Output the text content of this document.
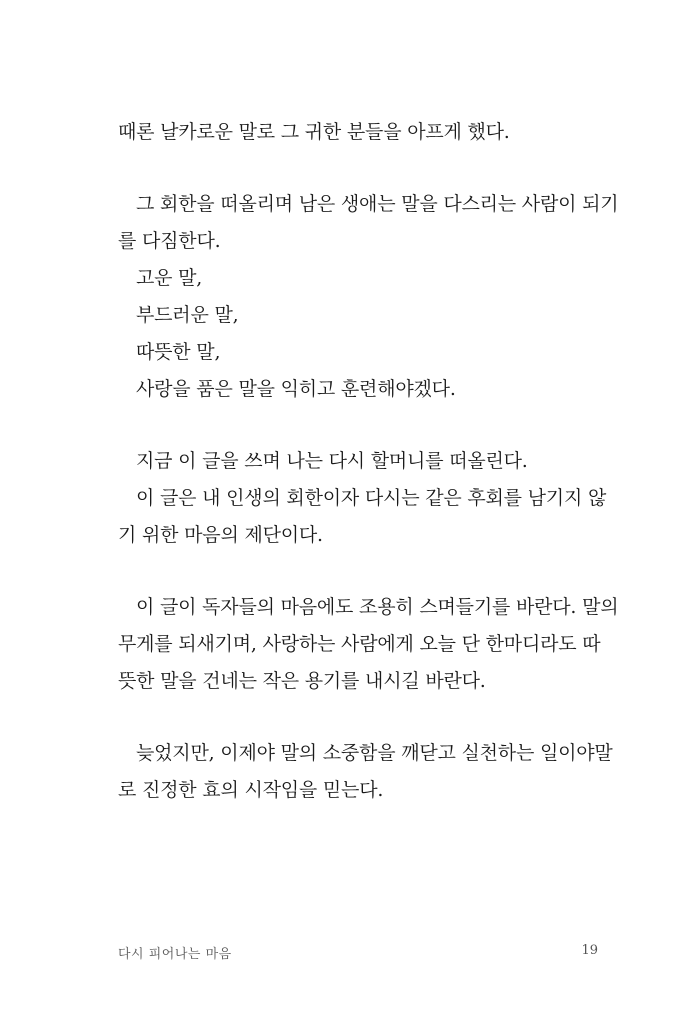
때론 날카로운 말로 그 귀한 분들을 아프게 했다.
그 회한을 떠올리며 남은 생애는 말을 다스리는 사람이 되기
를 다짐한다.
고운 말,
부드러운 말,
따뜻한 말,
사랑을 품은 말을 익히고 훈련해야겠다.
지금 이 글을 쓰며 나는 다시 할머니를 떠올린다.
이 글은 내 인생의 회한이자 다시는 같은 후회를 남기지 않
기 위한 마음의 제단이다.
이 글이 독자들의 마음에도 조용히 스며들기를 바란다. 말의
무게를 되새기며, 사랑하는 사람에게 오늘 단 한마디라도 따
뜻한 말을 건네는 작은 용기를 내시길 바란다.
늦었지만, 이제야 말의 소중함을 깨닫고 실천하는 일이야말
로 진정한 효의 시작임을 믿는다.
다시 피어나는 마음	19
